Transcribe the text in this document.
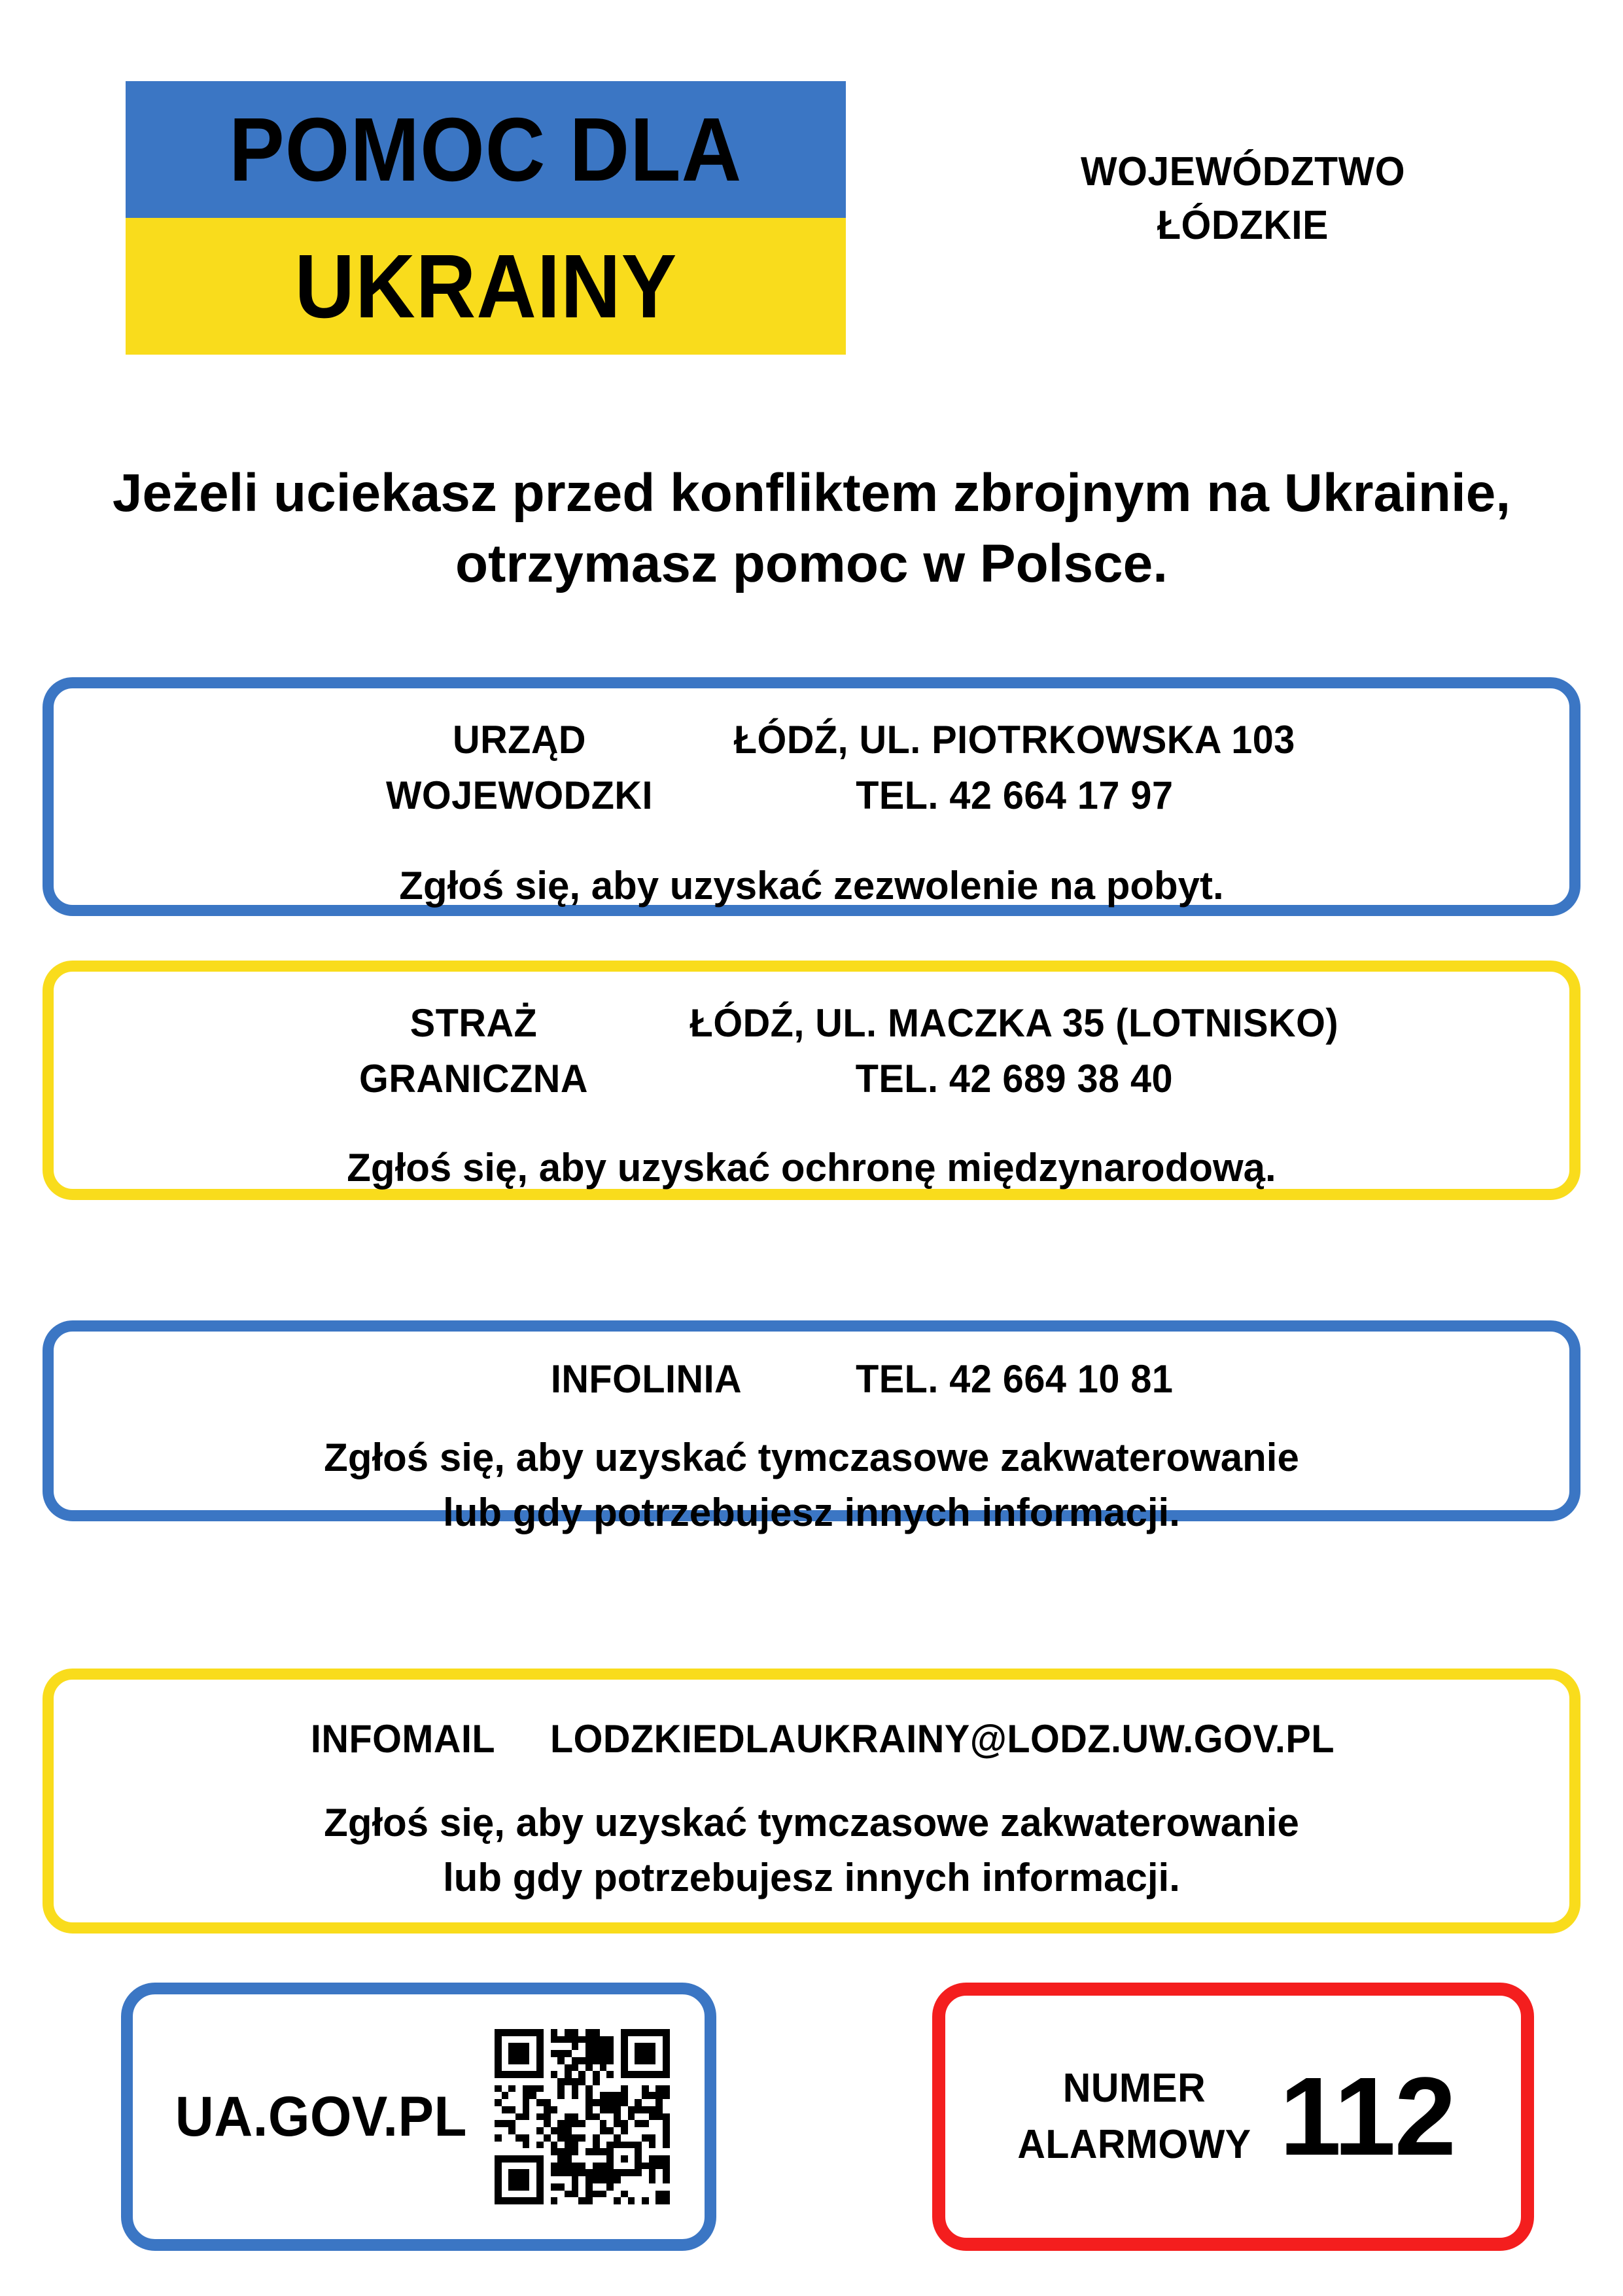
POMOC DLA
UKRAINY
WOJEWÓDZTWO
ŁÓDZKIE
Jeżeli uciekasz przed konfliktem zbrojnym na Ukrainie,
otrzymasz pomoc w Polsce.
URZĄD
WOJEWODZKI
ŁÓDŹ, UL. PIOTRKOWSKA 103
TEL. 42 664 17 97
Zgłoś się, aby uzyskać zezwolenie na pobyt.
STRAŻ
GRANICZNA
ŁÓDŹ, UL. MACZKA 35 (LOTNISKO)
TEL. 42 689 38 40
Zgłoś się, aby uzyskać ochronę międzynarodową.
INFOLINIA	TEL. 42 664 10 81
Zgłoś się, aby uzyskać tymczasowe zakwaterowanie
lub gdy potrzebujesz innych informacji.
INFOMAIL	LODZKIEDLAUKRAINY@LODZ.UW.GOV.PL
Zgłoś się, aby uzyskać tymczasowe zakwaterowanie
lub gdy potrzebujesz innych informacji.
UA.GOV.PL	NUMER
ALARMOWY 112
